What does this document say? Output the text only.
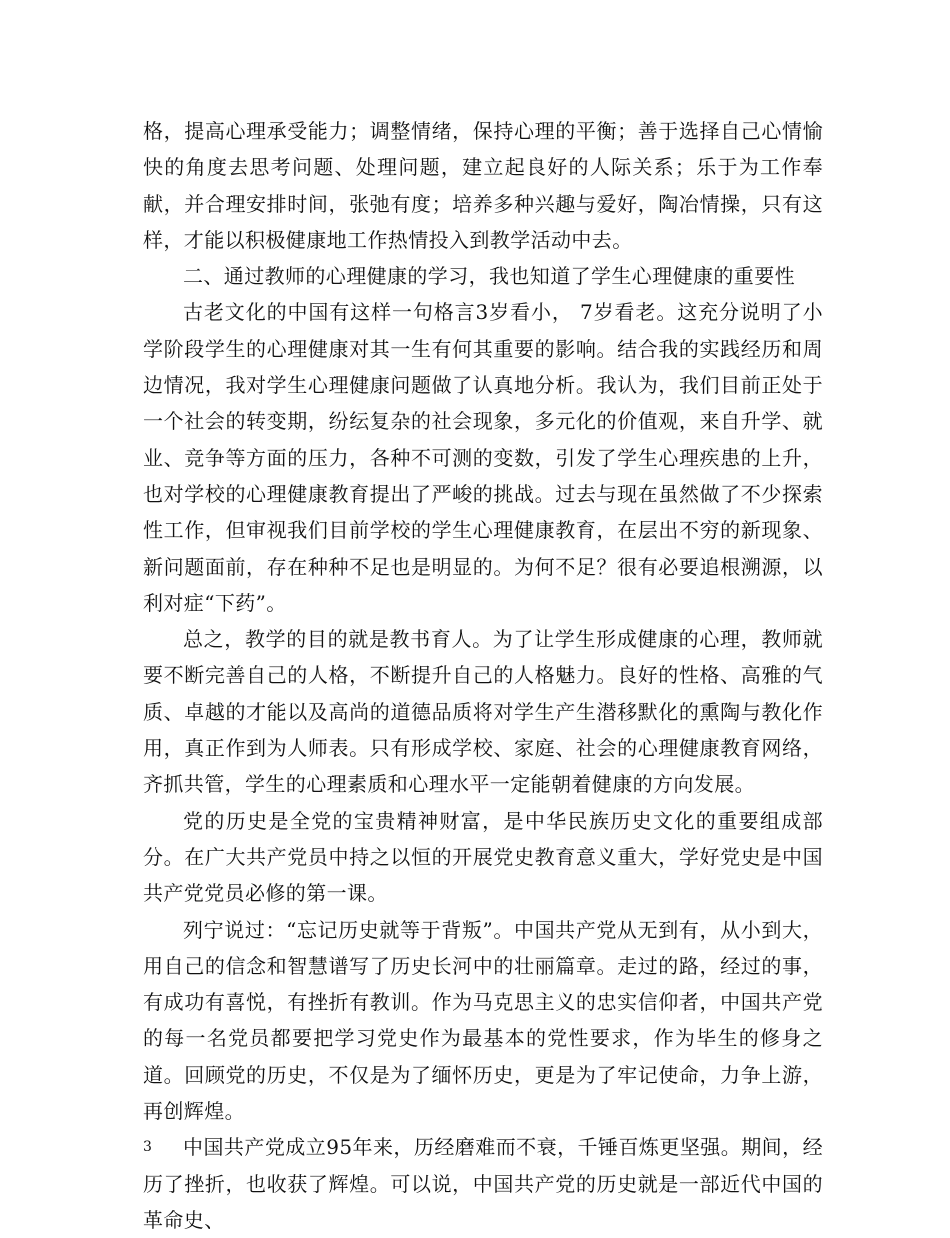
格，提高心理承受能力；调整情绪，保持心理的平衡；善于选择自己心情愉快的角度去思考问题、处理问题，建立起良好的人际关系；乐于为工作奉献，并合理安排时间，张弛有度；培养多种兴趣与爱好，陶冶情操，只有这样，才能以积极健康地工作热情投入到教学活动中去。

二、通过教师的心理健康的学习，我也知道了学生心理健康的重要性

古老文化的中国有这样一句格言3岁看小， 7岁看老。这充分说明了小学阶段学生的心理健康对其一生有何其重要的影响。结合我的实践经历和周边情况，我对学生心理健康问题做了认真地分析。我认为，我们目前正处于一个社会的转变期，纷纭复杂的社会现象，多元化的价值观，来自升学、就业、竞争等方面的压力，各种不可测的变数，引发了学生心理疾患的上升，也对学校的心理健康教育提出了严峻的挑战。过去与现在虽然做了不少探索性工作，但审视我们目前学校的学生心理健康教育，在层出不穷的新现象、新问题面前，存在种种不足也是明显的。为何不足？很有必要追根溯源，以利对症“下药”。

总之，教学的目的就是教书育人。为了让学生形成健康的心理，教师就要不断完善自己的人格，不断提升自己的人格魅力。良好的性格、高雅的气质、卓越的才能以及高尚的道德品质将对学生产生潜移默化的熏陶与教化作用，真正作到为人师表。只有形成学校、家庭、社会的心理健康教育网络，齐抓共管，学生的心理素质和心理水平一定能朝着健康的方向发展。

党的历史是全党的宝贵精神财富，是中华民族历史文化的重要组成部分。在广大共产党员中持之以恒的开展党史教育意义重大，学好党史是中国共产党党员必修的第一课。

列宁说过：“忘记历史就等于背叛”。中国共产党从无到有，从小到大，用自己的信念和智慧谱写了历史长河中的壮丽篇章。走过的路，经过的事，有成功有喜悦，有挫折有教训。作为马克思主义的忠实信仰者，中国共产党的每一名党员都要把学习党史作为最基本的党性要求，作为毕生的修身之道。回顾党的历史，不仅是为了缅怀历史，更是为了牢记使命，力争上游，再创辉煌。

中国共产党成立95年来，历经磨难而不衰，千锤百炼更坚强。期间，经历了挫折，也收获了辉煌。可以说，中国共产党的历史就是一部近代中国的革命史、

3
